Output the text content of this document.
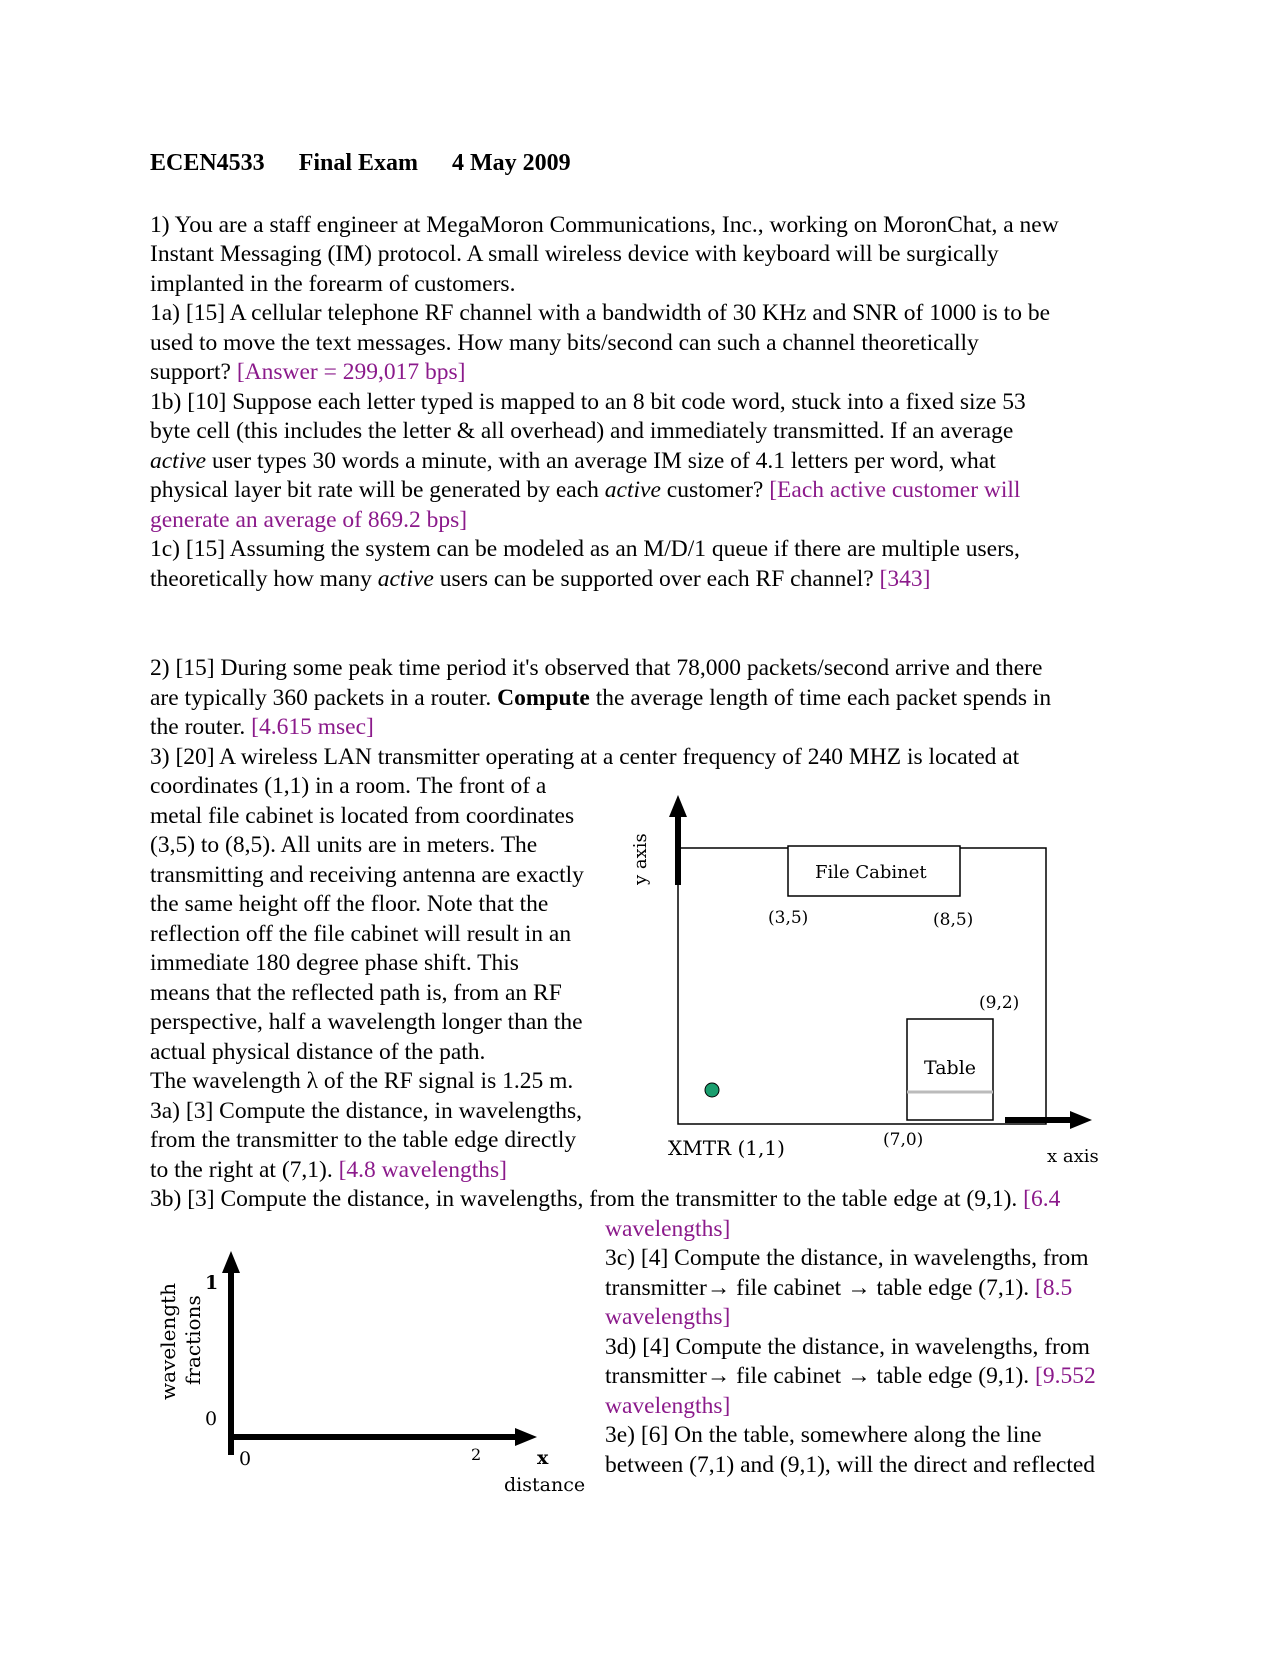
ECEN4533 Final Exam 4 May 2009
1) You are a staff engineer at MegaMoron Communications, Inc., working on MoronChat, a new
Instant Messaging (IM) protocol. A small wireless device with keyboard will be surgically
implanted in the forearm of customers.
1a) [15] A cellular telephone RF channel with a bandwidth of 30 KHz and SNR of 1000 is to be
used to move the text messages. How many bits/second can such a channel theoretically
support? [Answer = 299,017 bps]
1b) [10] Suppose each letter typed is mapped to an 8 bit code word, stuck into a fixed size 53
byte cell (this includes the letter & all overhead) and immediately transmitted. If an average
active user types 30 words a minute, with an average IM size of 4.1 letters per word, what
physical layer bit rate will be generated by each active customer? [Each active customer will
generate an average of 869.2 bps]
1c) [15] Assuming the system can be modeled as an M/D/1 queue if there are multiple users,
theoretically how many active users can be supported over each RF channel? [343]
2) [15] During some peak time period it's observed that 78,000 packets/second arrive and there
are typically 360 packets in a router. Compute the average length of time each packet spends in
the router. [4.615 msec]
3) [20] A wireless LAN transmitter operating at a center frequency of 240 MHZ is located at
coordinates (1,1) in a room. The front of a
metal file cabinet is located from coordinates
(3,5) to (8,5). All units are in meters. The
transmitting and receiving antenna are exactly
the same height off the floor. Note that the
reflection off the file cabinet will result in an
immediate 180 degree phase shift. This
means that the reflected path is, from an RF
perspective, half a wavelength longer than the
actual physical distance of the path.
The wavelength λ of the RF signal is 1.25 m.
3a) [3] Compute the distance, in wavelengths,
from the transmitter to the table edge directly
to the right at (7,1). [4.8 wavelengths]
3b) [3] Compute the distance, in wavelengths, from the transmitter to the table edge at (9,1). [6.4
wavelengths]
3c) [4] Compute the distance, in wavelengths, from
transmitter→ file cabinet → table edge (7,1). [8.5
wavelengths]
3d) [4] Compute the distance, in wavelengths, from
transmitter→ file cabinet → table edge (9,1). [9.552
wavelengths]
3e) [6] On the table, somewhere along the line
between (7,1) and (9,1), will the direct and reflected
y axis	File Cabinet
(3,5)	(8,5)
(9,2)
Table
XMTR (1,1)	(7,0)
x axis
wavelength fractions
1
0
0	2	x
distance
